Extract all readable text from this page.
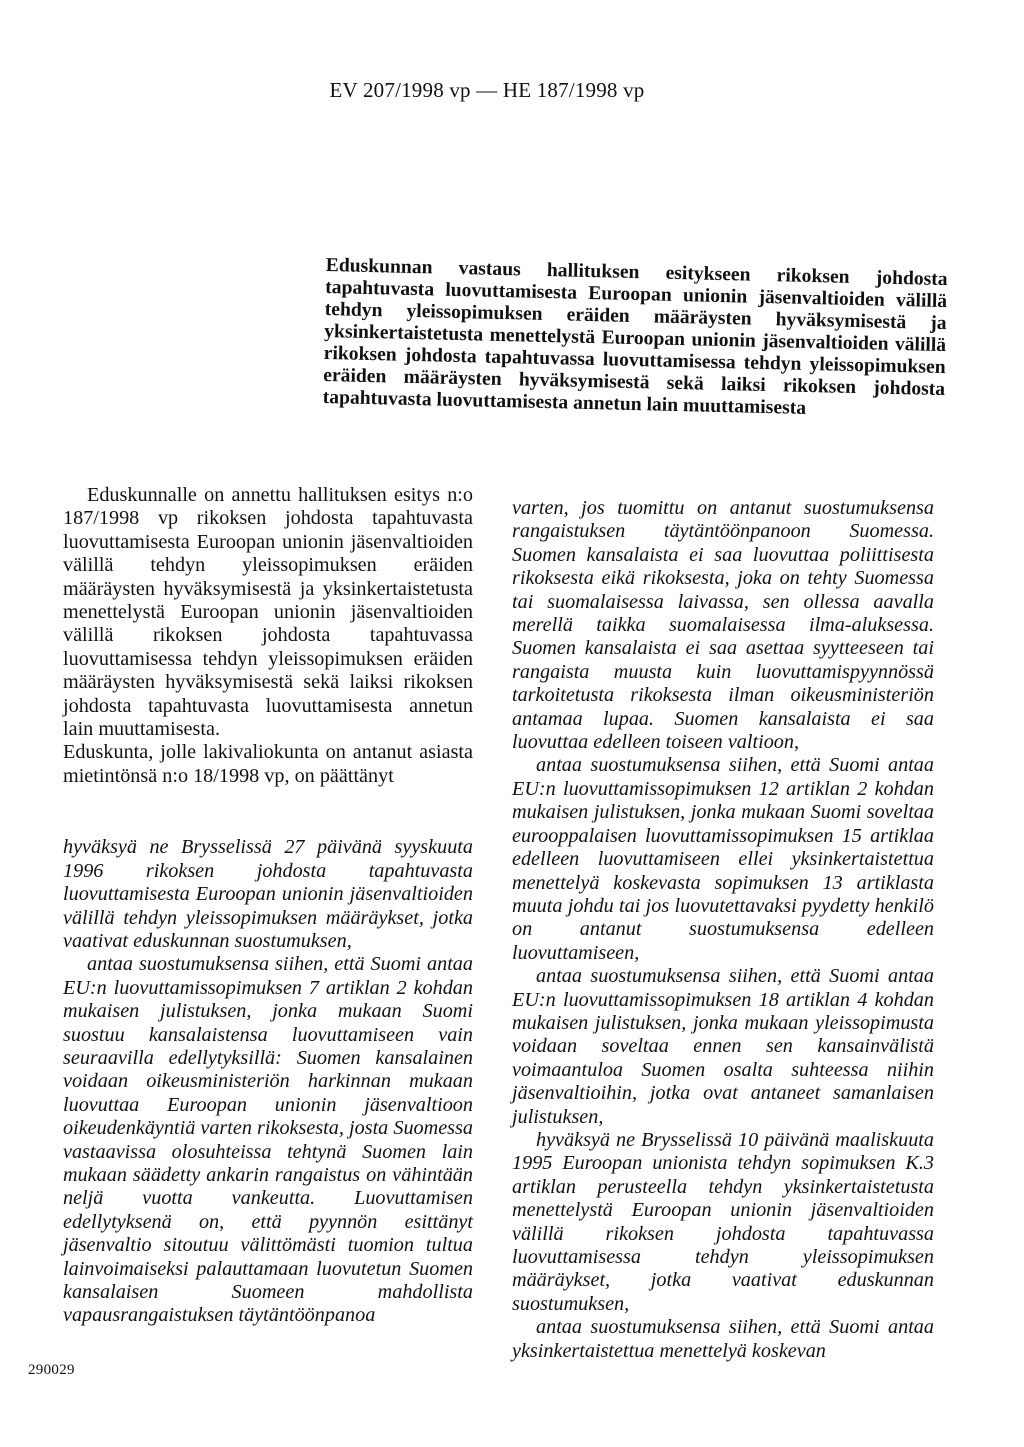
EV 207/1998 vp — HE 187/1998 vp
Eduskunnan vastaus hallituksen esitykseen rikoksen johdosta tapahtuvasta luovuttamisesta Euroopan unionin jäsenvaltioiden välillä tehdyn yleissopimuksen eräiden määräysten hyväksymisestä ja yksinkertaistetusta menettelystä Euroopan unionin jäsenvaltioiden välillä rikoksen johdosta tapahtuvassa luovuttamisessa tehdyn yleissopimuksen eräiden määräysten hyväksymisestä sekä laiksi rikoksen johdosta tapahtuvasta luovuttamisesta annetun lain muuttamisesta

Eduskunnalle on annettu hallituksen esitys n:o 187/1998 vp rikoksen johdosta tapahtuvasta luovuttamisesta Euroopan unionin jäsenvaltioiden välillä tehdyn yleissopimuksen eräiden määräysten hyväksymisestä ja yksinkertaistetusta menettelystä Euroopan unionin jäsenvaltioiden välillä rikoksen johdosta tapahtuvassa luovuttamisessa tehdyn yleissopimuksen eräiden määräysten hyväksymisestä sekä laiksi rikoksen johdosta tapahtuvasta luovuttamisesta annetun lain muuttamisesta.

Eduskunta, jolle lakivaliokunta on antanut asiasta mietintönsä n:o 18/1998 vp, on päättänyt

hyväksyä ne Brysselissä 27 päivänä syyskuuta 1996 rikoksen johdosta tapahtuvasta luovuttamisesta Euroopan unionin jäsenvaltioiden välillä tehdyn yleissopimuksen määräykset, jotka vaativat eduskunnan suostumuksen,

antaa suostumuksensa siihen, että Suomi antaa EU:n luovuttamissopimuksen 7 artiklan 2 kohdan mukaisen julistuksen, jonka mukaan Suomi suostuu kansalaistensa luovuttamiseen vain seuraavilla edellytyksillä: Suomen kansalainen voidaan oikeusministeriön harkinnan mukaan luovuttaa Euroopan unionin jäsenvaltioon oikeudenkäyntiä varten rikoksesta, josta Suomessa vastaavissa olosuhteissa tehtynä Suomen lain mukaan säädetty ankarin rangaistus on vähintään neljä vuotta vankeutta. Luovuttamisen edellytyksenä on, että pyynnön esittänyt jäsenvaltio sitoutuu välittömästi tuomion tultua lainvoimaiseksi palauttamaan luovutetun Suomen kansalaisen Suomeen mahdollista vapausrangaistuksen täytäntöönpanoa

varten, jos tuomittu on antanut suostumuksensa rangaistuksen täytäntöönpanoon Suomessa. Suomen kansalaista ei saa luovuttaa poliittisesta rikoksesta eikä rikoksesta, joka on tehty Suomessa tai suomalaisessa laivassa, sen ollessa aavalla merellä taikka suomalaisessa ilma-aluksessa. Suomen kansalaista ei saa asettaa syytteeseen tai rangaista muusta kuin luovuttamispyynnössä tarkoitetusta rikoksesta ilman oikeusministeriön antamaa lupaa. Suomen kansalaista ei saa luovuttaa edelleen toiseen valtioon,

antaa suostumuksensa siihen, että Suomi antaa EU:n luovuttamissopimuksen 12 artiklan 2 kohdan mukaisen julistuksen, jonka mukaan Suomi soveltaa eurooppalaisen luovuttamissopimuksen 15 artiklaa edelleen luovuttamiseen ellei yksinkertaistettua menettelyä koskevasta sopimuksen 13 artiklasta muuta johdu tai jos luovutettavaksi pyydetty henkilö on antanut suostumuksensa edelleen luovuttamiseen,

antaa suostumuksensa siihen, että Suomi antaa EU:n luovuttamissopimuksen 18 artiklan 4 kohdan mukaisen julistuksen, jonka mukaan yleissopimusta voidaan soveltaa ennen sen kansainvälistä voimaantuloa Suomen osalta suhteessa niihin jäsenvaltioihin, jotka ovat antaneet samanlaisen julistuksen,

hyväksyä ne Brysselissä 10 päivänä maaliskuuta 1995 Euroopan unionista tehdyn sopimuksen K.3 artiklan perusteella tehdyn yksinkertaistetusta menettelystä Euroopan unionin jäsenvaltioiden välillä rikoksen johdosta tapahtuvassa luovuttamisessa tehdyn yleissopimuksen määräykset, jotka vaativat eduskunnan suostumuksen,

antaa suostumuksensa siihen, että Suomi antaa yksinkertaistettua menettelyä koskevan

290029
